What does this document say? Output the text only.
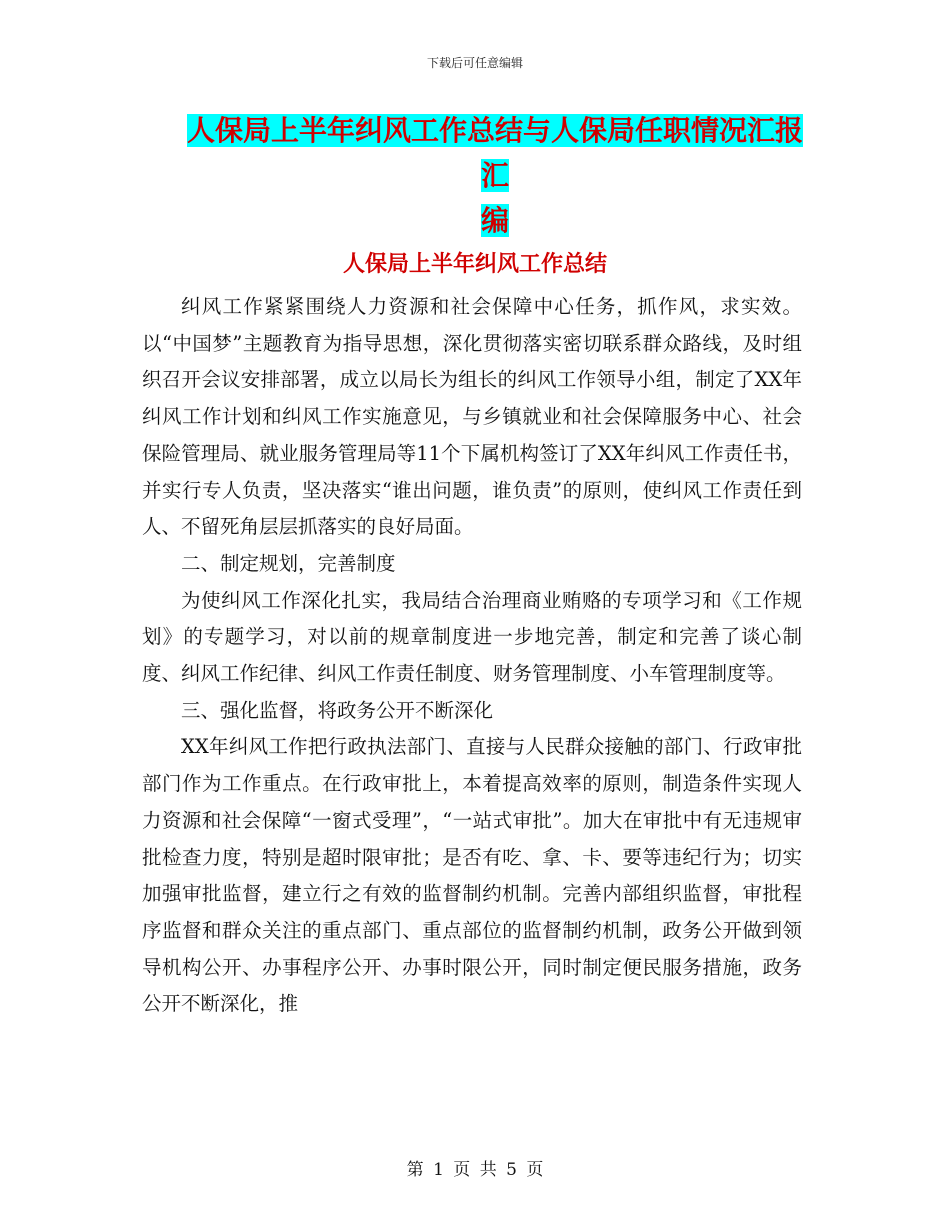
下载后可任意编辑
人保局上半年纠风工作总结与人保局任职情况汇报汇
编
人保局上半年纠风工作总结

纠风工作紧紧围绕人力资源和社会保障中心任务，抓作风，求实效。以“中国梦”主题教育为指导思想，深化贯彻落实密切联系群众路线，及时组织召开会议安排部署，成立以局长为组长的纠风工作领导小组，制定了XX年纠风工作计划和纠风工作实施意见，与乡镇就业和社会保障服务中心、社会保险管理局、就业服务管理局等11个下属机构签订了XX年纠风工作责任书，并实行专人负责，坚决落实“谁出问题，谁负责”的原则，使纠风工作责任到人、不留死角层层抓落实的良好局面。

二、制定规划，完善制度

为使纠风工作深化扎实，我局结合治理商业贿赂的专项学习和《工作规划》的专题学习，对以前的规章制度进一步地完善，制定和完善了谈心制度、纠风工作纪律、纠风工作责任制度、财务管理制度、小车管理制度等。

三、强化监督，将政务公开不断深化

XX年纠风工作把行政执法部门、直接与人民群众接触的部门、行政审批部门作为工作重点。在行政审批上，本着提高效率的原则，制造条件实现人力资源和社会保障“一窗式受理”，“一站式审批”。加大在审批中有无违规审批检查力度，特别是超时限审批；是否有吃、拿、卡、要等违纪行为；切实加强审批监督，建立行之有效的监督制约机制。完善内部组织监督，审批程序监督和群众关注的重点部门、重点部位的监督制约机制，政务公开做到领导机构公开、办事程序公开、办事时限公开，同时制定便民服务措施，政务公开不断深化，推

第 1 页 共 5 页
